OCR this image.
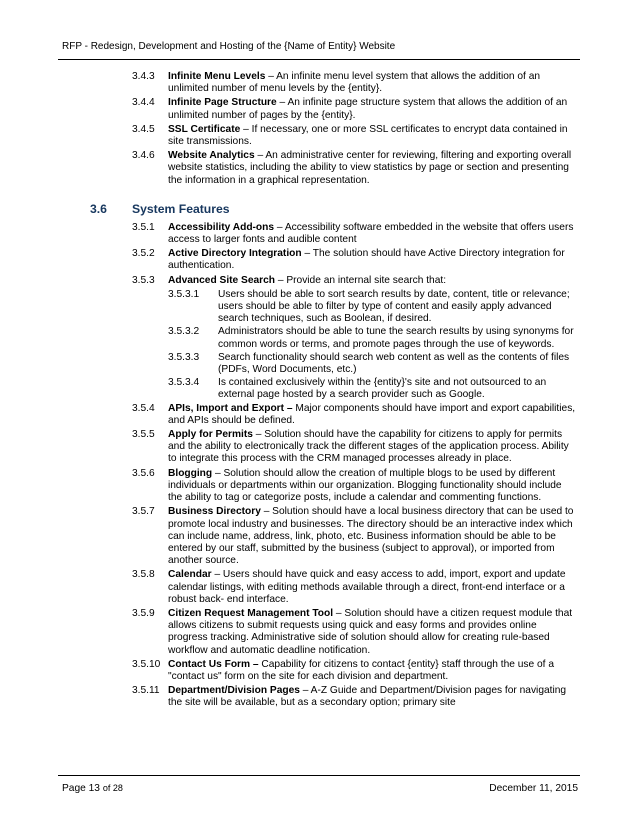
RFP - Redesign, Development and Hosting of the {Name of Entity} Website
3.4.3 Infinite Menu Levels – An infinite menu level system that allows the addition of an unlimited number of menu levels by the {entity}.
3.4.4 Infinite Page Structure – An infinite page structure system that allows the addition of an unlimited number of pages by the {entity}.
3.4.5 SSL Certificate – If necessary, one or more SSL certificates to encrypt data contained in site transmissions.
3.4.6 Website Analytics – An administrative center for reviewing, filtering and exporting overall website statistics, including the ability to view statistics by page or section and presenting the information in a graphical representation.
3.6 System Features
3.5.1 Accessibility Add-ons – Accessibility software embedded in the website that offers users access to larger fonts and audible content
3.5.2 Active Directory Integration – The solution should have Active Directory integration for authentication.
3.5.3 Advanced Site Search – Provide an internal site search that:
3.5.3.1 Users should be able to sort search results by date, content, title or relevance; users should be able to filter by type of content and easily apply advanced search techniques, such as Boolean, if desired.
3.5.3.2 Administrators should be able to tune the search results by using synonyms for common words or terms, and promote pages through the use of keywords.
3.5.3.3 Search functionality should search web content as well as the contents of files (PDFs, Word Documents, etc.)
3.5.3.4 Is contained exclusively within the {entity}'s site and not outsourced to an external page hosted by a search provider such as Google.
3.5.4 APIs, Import and Export – Major components should have import and export capabilities, and APIs should be defined.
3.5.5 Apply for Permits – Solution should have the capability for citizens to apply for permits and the ability to electronically track the different stages of the application process. Ability to integrate this process with the CRM managed processes already in place.
3.5.6 Blogging – Solution should allow the creation of multiple blogs to be used by different individuals or departments within our organization. Blogging functionality should include the ability to tag or categorize posts, include a calendar and commenting functions.
3.5.7 Business Directory – Solution should have a local business directory that can be used to promote local industry and businesses. The directory should be an interactive index which can include name, address, link, photo, etc. Business information should be able to be entered by our staff, submitted by the business (subject to approval), or imported from another source.
3.5.8 Calendar – Users should have quick and easy access to add, import, export and update calendar listings, with editing methods available through a direct, front-end interface or a robust back- end interface.
3.5.9 Citizen Request Management Tool – Solution should have a citizen request module that allows citizens to submit requests using quick and easy forms and provides online progress tracking. Administrative side of solution should allow for creating rule-based workflow and automatic deadline notification.
3.5.10 Contact Us Form – Capability for citizens to contact {entity} staff through the use of a "contact us" form on the site for each division and department.
3.5.11 Department/Division Pages – A-Z Guide and Department/Division pages for navigating the site will be available, but as a secondary option; primary site
Page 13 of 28	December 11, 2015
